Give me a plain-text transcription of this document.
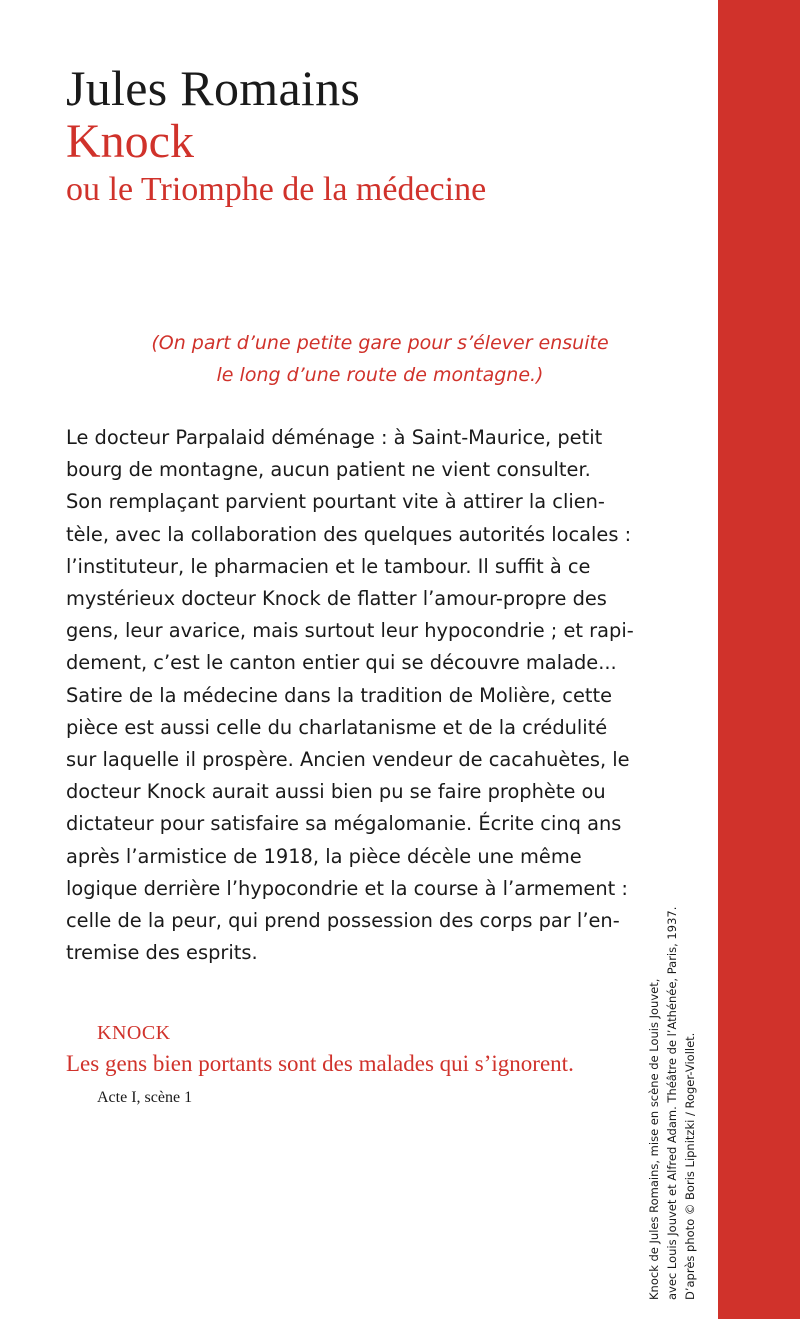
Jules Romains
Knock
ou le Triomphe de la médecine
(On part d’une petite gare pour s’élever ensuite
le long d’une route de montagne.)
Le docteur Parpalaid déménage : à Saint-Maurice, petit
bourg de montagne, aucun patient ne vient consulter.
Son remplaçant parvient pourtant vite à attirer la clien-
tèle, avec la collaboration des quelques autorités locales :
l’instituteur, le pharmacien et le tambour. Il suffit à ce
mystérieux docteur Knock de flatter l’amour-propre des
gens, leur avarice, mais surtout leur hypocondrie ; et rapi-
dement, c’est le canton entier qui se découvre malade...
Satire de la médecine dans la tradition de Molière, cette
pièce est aussi celle du charlatanisme et de la crédulité
sur laquelle il prospère. Ancien vendeur de cacahuètes, le
docteur Knock aurait aussi bien pu se faire prophète ou
dictateur pour satisfaire sa mégalomanie. Écrite cinq ans
après l’armistice de 1918, la pièce décèle une même
logique derrière l’hypocondrie et la course à l’armement :
celle de la peur, qui prend possession des corps par l’en-
tremise des esprits.
KNOCK
Les gens bien portants sont des malades qui s’ignorent.
Acte I, scène 1	Knock de Jules Romains, mise en scène de Louis Jouvet, avec Louis Jouvet et Alfred Adam. Théâtre de l’Athénée, Paris, 1937. D’après photo © Boris Lipnitzki / Roger-Viollet.
